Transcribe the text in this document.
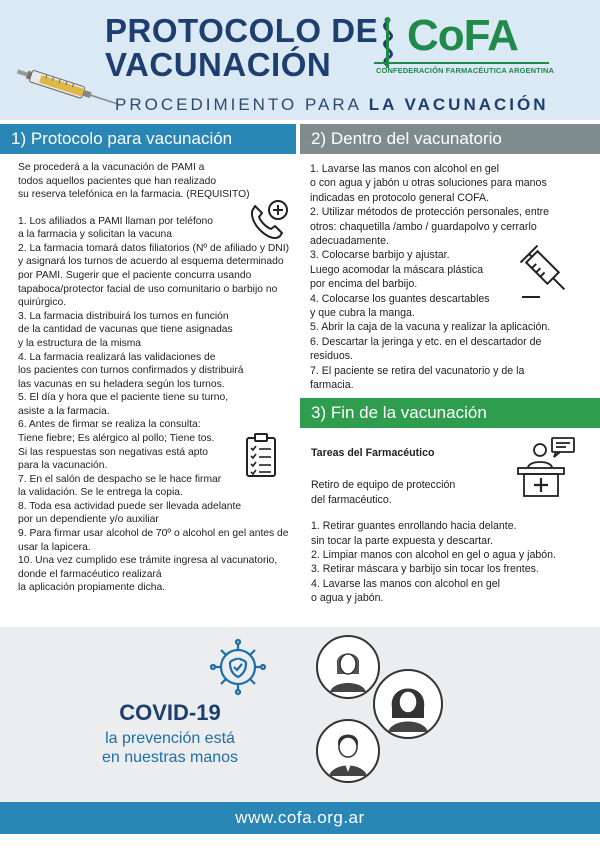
PROTOCOLO DE
VACUNACIÓN
CoFA
CONFEDERACIÓN FARMACÉUTICA ARGENTINA
PROCEDIMIENTO PARA LA VACUNACIÓN
1) Protocolo para vacunación	2) Dentro del vacunatorio
3) Fin de la vacunación

Se procederá a la vacunación de PAMI a
todos aquellos pacientes que han realizado
su reserva telefónica en la farmacia. (REQUISITO)

1. Los afiliados a PAMI llaman por teléfono
a la farmacia y solicitan la vacuna
2. La farmacia tomará datos filiatorios (Nº de afiliado y DNI)
y asignará los turnos de acuerdo al esquema determinado
por PAMI. Sugerir que el paciente concurra usando
tapaboca/protector facial de uso comunitario o barbijo no
quirúrgico.
3. La farmacia distribuirá los turnos en función
de la cantidad de vacunas que tiene asignadas
y la estructura de la misma
4. La farmacia realizará las validaciones de
los pacientes con turnos confirmados y distribuirá
las vacunas en su heladera según los turnos.
5. El día y hora que el paciente tiene su turno,
asiste a la farmacia.
6. Antes de firmar se realiza la consulta:
Tiene fiebre; Es alérgico al pollo; Tiene tos.
Si las respuestas son negativas está apto
para la vacunación.
7. En el salón de despacho se le hace firmar
la validación. Se le entrega la copia.
8. Toda esa actividad puede ser llevada adelante
por un dependiente y/o auxiliar
9. Para firmar usar alcohol de 70º o alcohol en gel antes de
usar la lapicera.
10. Una vez cumplido ese trámite ingresa al vacunatorio,
donde el farmacéutico realizará
la aplicación propiamente dicha.

1. Lavarse las manos con alcohol en gel
o con agua y jabón u otras soluciones para manos
indicadas en protocolo general COFA.
2. Utilizar métodos de protección personales, entre
otros: chaquetilla /ambo / guardapolvo y cerrarlo
adecuadamente.
3. Colocarse barbijo y ajustar.
Luego acomodar la máscara plástica
por encima del barbijo.
4. Colocarse los guantes descartables
y que cubra la manga.
5. Abrir la caja de la vacuna y realizar la aplicación.
6. Descartar la jeringa y etc. en el descartador de
residuos.
7. El paciente se retira del vacunatorio y de la
farmacia.

Tareas del Farmacéutico

Retiro de equipo de protección
del farmacéutico.

1. Retirar guantes enrollando hacia delante.
sin tocar la parte expuesta y descartar.
2. Limpiar manos con alcohol en gel o agua y jabón.
3. Retirar máscara y barbijo sin tocar los frentes.
4. Lavarse las manos con alcohol en gel
o agua y jabón.

COVID-19
la prevención está
en nuestras manos
www.cofa.org.ar
